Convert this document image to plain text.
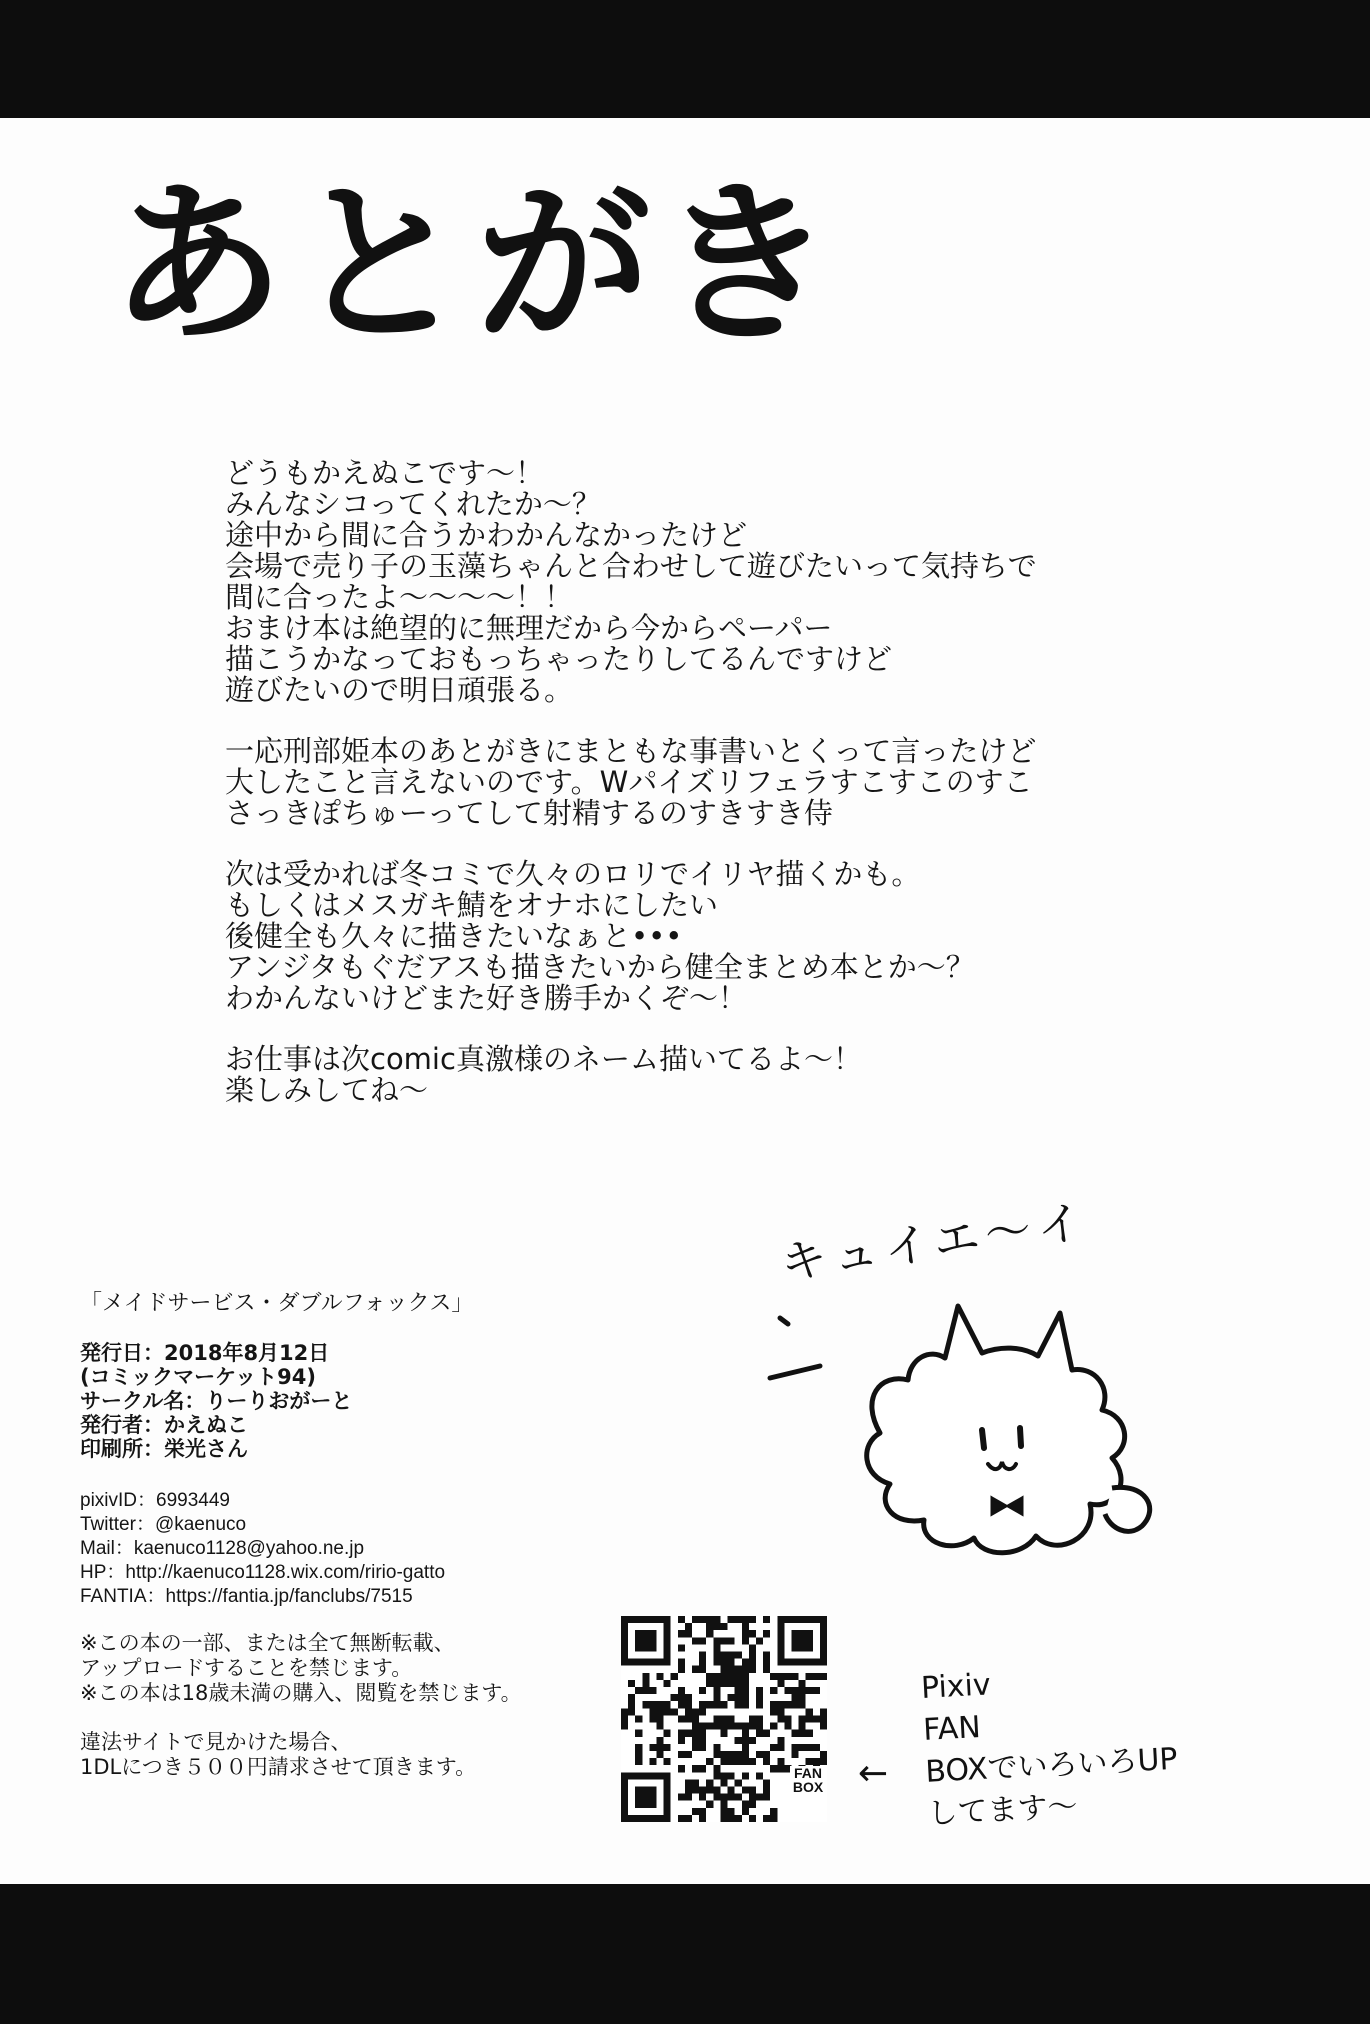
あとがき
どうもかえぬこです～！
みんなシコってくれたか～？
途中から間に合うかわかんなかったけど
会場で売り子の玉藻ちゃんと合わせして遊びたいって気持ちで
間に合ったよ～～～～！！
おまけ本は絶望的に無理だから今からペーパー
描こうかなっておもっちゃったりしてるんですけど
遊びたいので明日頑張る。
一応刑部姫本のあとがきにまともな事書いとくって言ったけど
大したこと言えないのです。Wパイズリフェラすこすこのすこ
さっきぽちゅーってして射精するのすきすき侍
次は受かれば冬コミで久々のロリでイリヤ描くかも。
もしくはメスガキ鯖をオナホにしたい
後健全も久々に描きたいなぁと•••
アンジタもぐだアスも描きたいから健全まとめ本とか～？
わかんないけどまた好き勝手かくぞ～！
お仕事は次comic真激様のネーム描いてるよ～！
楽しみしてね～
「メイドサービス・ダブルフォックス」
発行日：2018年8月12日
(コミックマーケット94)
サークル名：りーりおがーと
発行者：かえぬこ
印刷所：栄光さん
pixivID：6993449
Twitter：@kaenuco
Mail：kaenuco1128@yahoo.ne.jp
HP：http://kaenuco1128.wix.com/ririo-gatto
FANTIA：https://fantia.jp/fanclubs/7515
※この本の一部、または全て無断転載、
アップロードすることを禁じます。
※この本は18歳未満の購入、閲覧を禁じます。
違法サイトで見かけた場合、
1DLにつき５００円請求させて頂きます。
キュイエ～イ
FAN
BOX ←
Pixiv
FAN
BOXでいろいろUP
してます～
